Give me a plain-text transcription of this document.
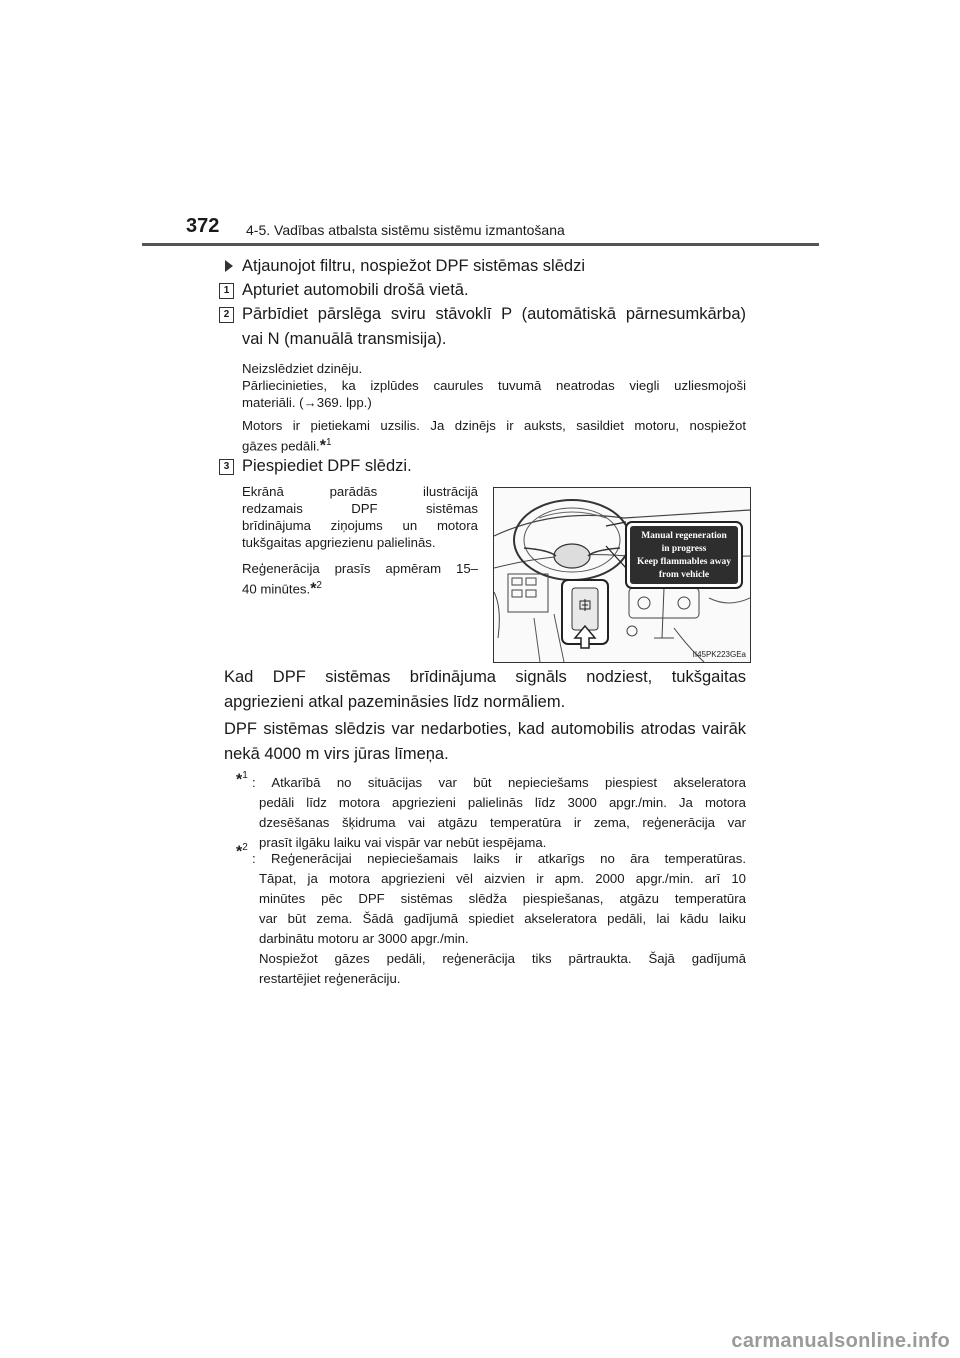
372 4-5. Vadības atbalsta sistēmu sistēmu izmantošana
Atjaunojot filtru, nospiežot DPF sistēmas slēdzi
1 Apturiet automobili drošā vietā.
2 Pārbīdiet pārslēga sviru stāvoklī P (automātiskā pārnesumkārba)
vai N (manuālā transmisija).
Neizslēdziet dzinēju.
Pārliecinieties, ka izplūdes caurules tuvumā neatrodas viegli uzliesmojoši
materiāli. (→369. lpp.)
Motors ir pietiekami uzsilis. Ja dzinējs ir auksts, sasildiet motoru, nospiežot
gāzes pedāli.*$^1$
3 Piespiediet DPF slēdzi.
Ekrānā parādās ilustrācijā
redzamais DPF sistēmas
brīdinājuma ziņojums un motora
tukšgaitas apgriezienu palielinās.
Reģenerācija prasīs apmēram 15–
40 minūtes.*$^2$
Manual regeneration
in progress
Keep flammables away
from vehicle
II45PK223GEa
Kad DPF sistēmas brīdinājuma signāls nodziest, tukšgaitas
apgriezieni atkal pazemināsies līdz normāliem.
DPF sistēmas slēdzis var nedarboties, kad automobilis atrodas vairāk
nekā 4000 m virs jūras līmeņa.
*$^1$ : Atkarībā no situācijas var būt nepieciešams piespiest akseleratora
pedāli līdz motora apgriezieni palielinās līdz 3000 apgr./min. Ja motora
dzesēšanas šķidruma vai atgāzu temperatūra ir zema, reģenerācija var
prasīt ilgāku laiku vai vispār var nebūt iespējama.
*$^2$
: Reģenerācijai nepieciešamais laiks ir atkarīgs no āra temperatūras.
Tāpat, ja motora apgriezieni vēl aizvien ir apm. 2000 apgr./min. arī 10
minūtes pēc DPF sistēmas slēdža piespiešanas, atgāzu temperatūra
var būt zema. Šādā gadījumā spiediet akseleratora pedāli, lai kādu laiku
darbinātu motoru ar 3000 apgr./min.
Nospiežot gāzes pedāli, reģenerācija tiks pārtraukta. Šajā gadījumā
restartējiet reģenerāciju.
carmanualsonline.info
